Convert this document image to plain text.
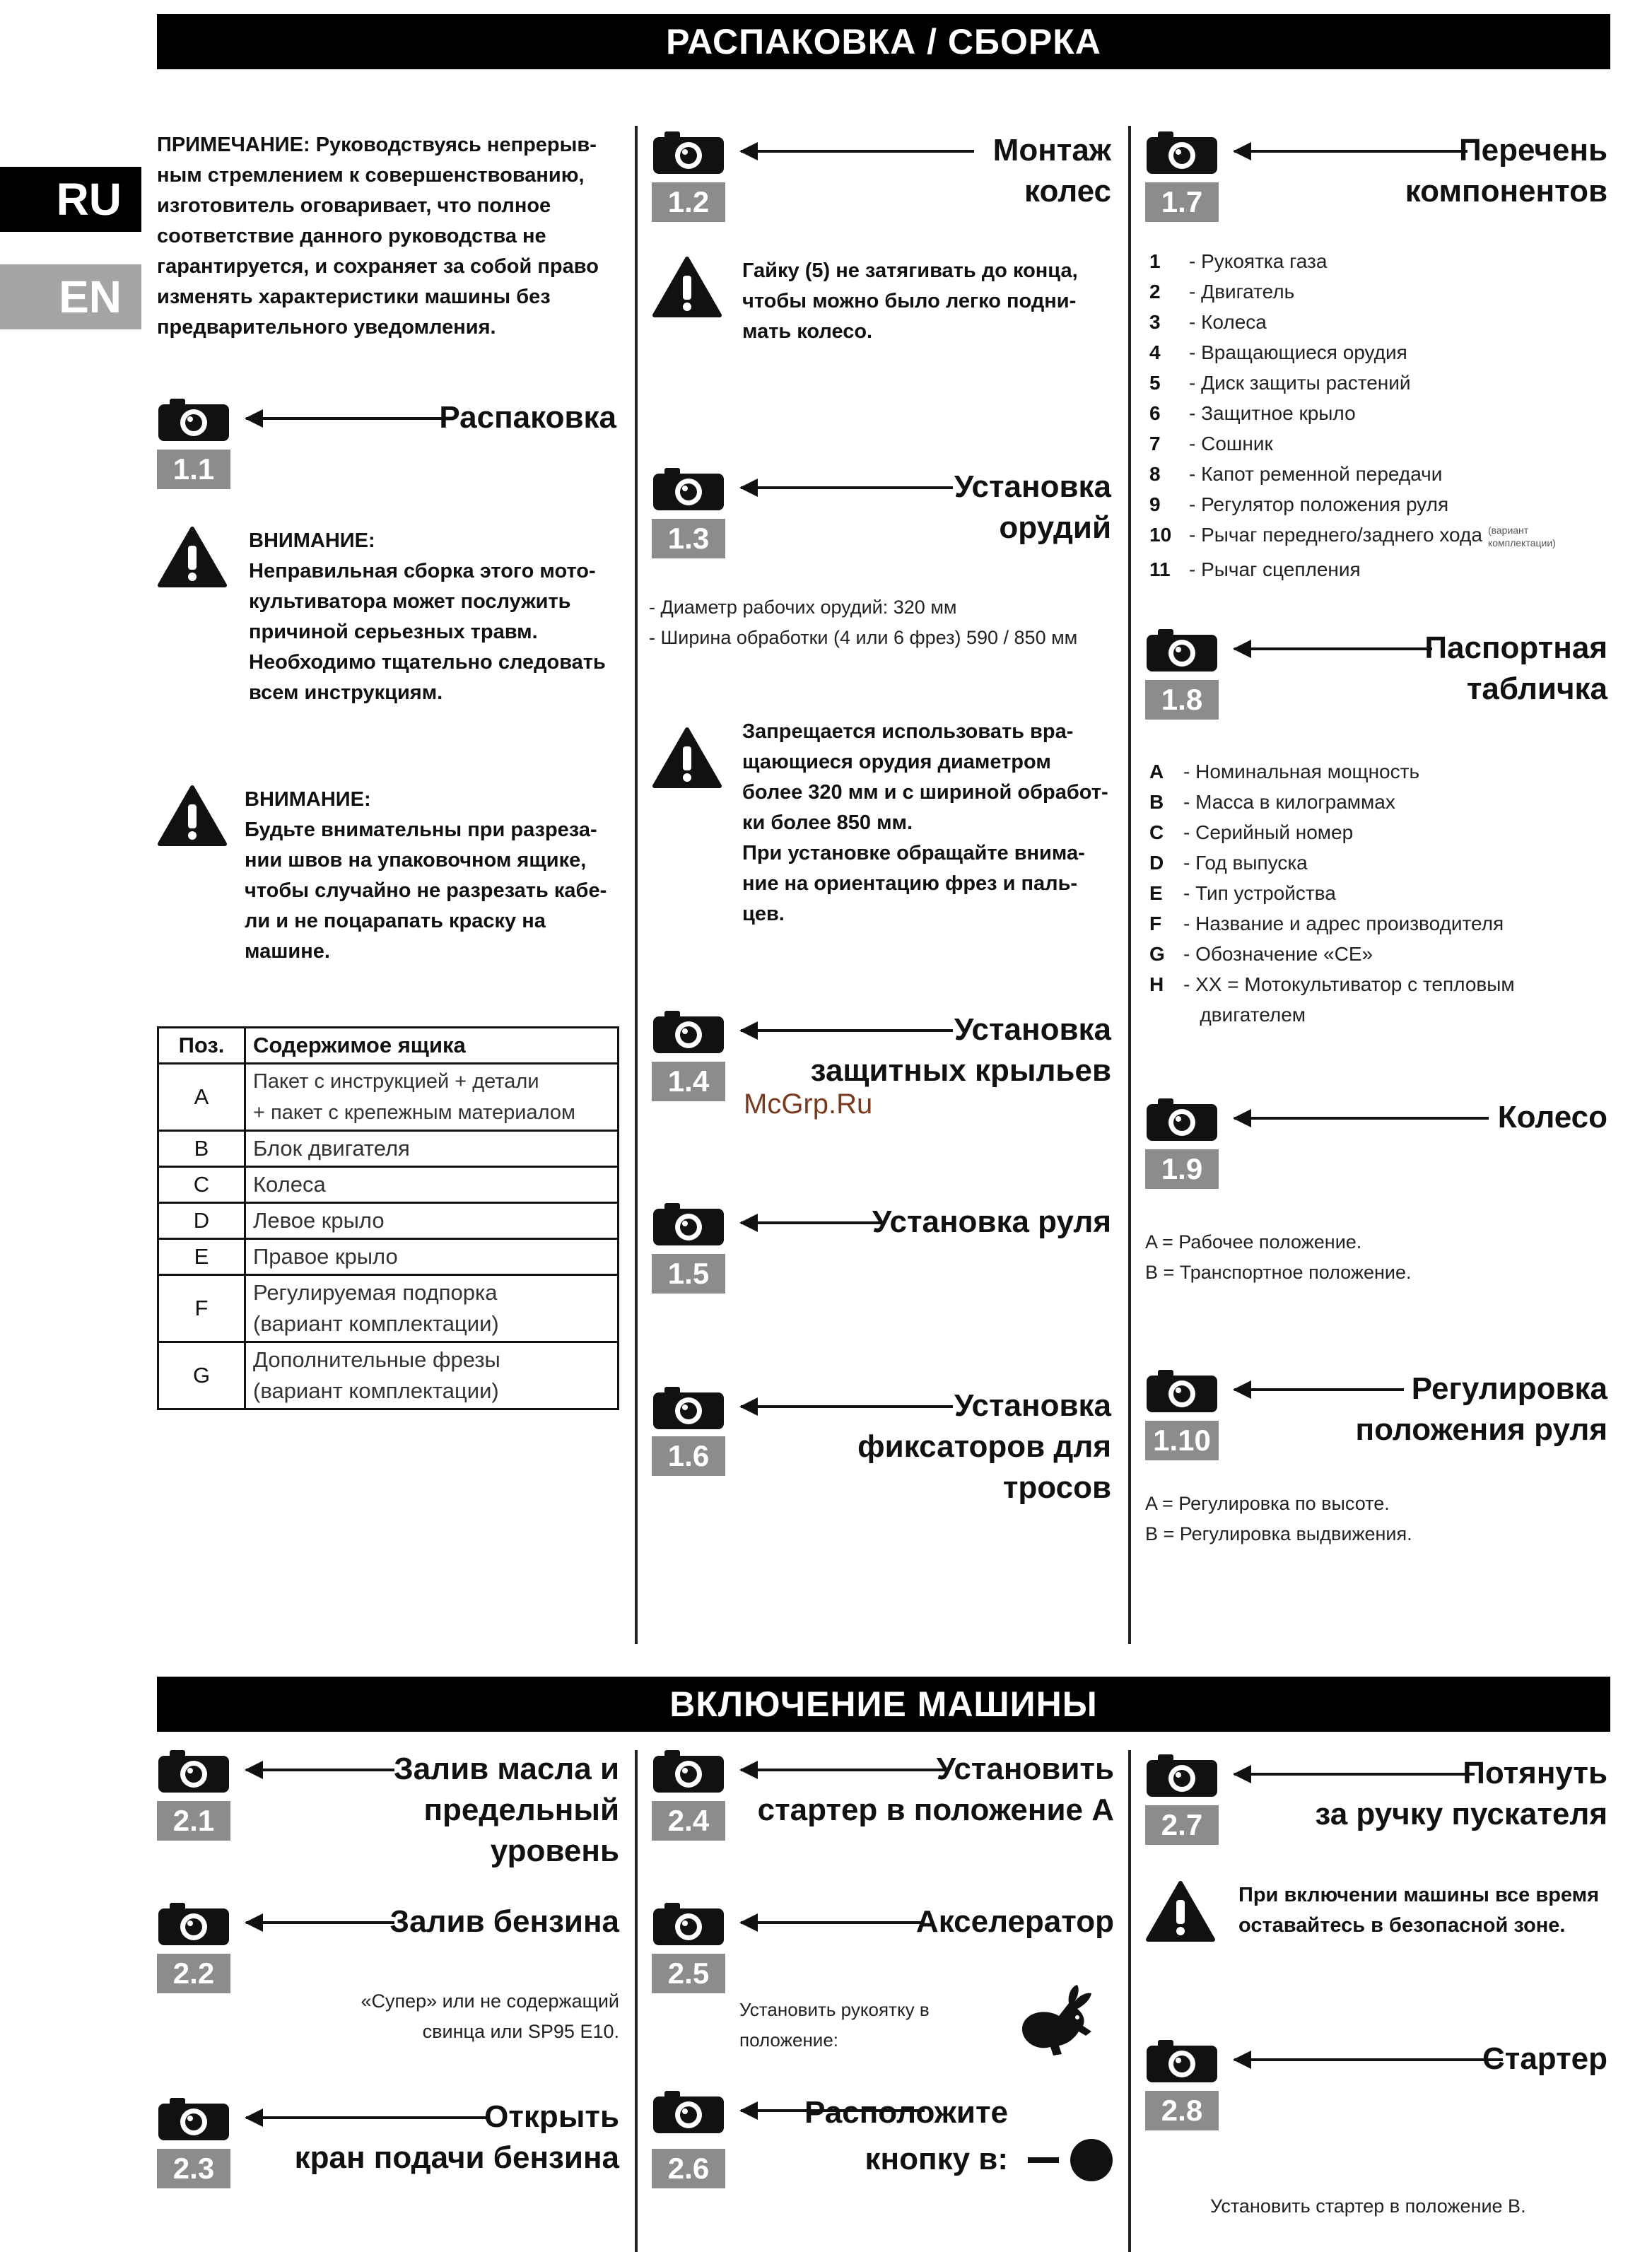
РАСПАКОВКА / СБОРКА
ВКЛЮЧЕНИЕ МАШИНЫ
RU
EN
McGrp.Ru
ПРИМЕЧАНИЕ: Руководствуясь непрерыв-
ным стремлением к совершенствованию,
изготовитель оговаривает, что полное
соответствие данного руководства не
гарантируется, и сохраняет за собой право
изменять характеристики машины без
предварительного уведомления.
1.1
Распаковка
ВНИМАНИЕ:
Неправильная сборка этого мото-
культиватора может послужить
причиной серьезных травм.
Необходимо тщательно следовать
всем инструкциям.
ВНИМАНИЕ:
Будьте внимательны при разреза-
нии швов на упаковочном ящике,
чтобы случайно не разрезать кабе-
ли и не поцарапать краску на
машине.
Поз.	Содержимое ящика
A	Пакет с инструкцией + детали
+ пакет с крепежным материалом
B	Блок двигателя
C	Колеса
D	Левое крыло
E	Правое крыло
F	Регулируемая подпорка
(вариант комплектации)
G	Дополнительные фрезы
(вариант комплектации)
1.2
Монтаж
колес
Гайку (5) не затягивать до конца,
чтобы можно было легко подни-
мать колесо.
1.3
Установка
орудий
- Диаметр рабочих орудий: 320 мм
- Ширина обработки (4 или 6 фрез) 590 / 850 мм
Запрещается использовать вра-
щающиеся орудия диаметром
более 320 мм и с шириной обработ-
ки более 850 мм.
При установке обращайте внима-
ние на ориентацию фрез и паль-
цев.
1.4
Установка
защитных крыльев
1.5
Установка руля
1.6
Установка
фиксаторов для
тросов
1.7
Перечень
компонентов
1	- Рукоятка газа
2	- Двигатель
3	- Колеса
4	- Вращающиеся орудия
5	- Диск защиты растений
6	- Защитное крыло
7	- Сошник
8	- Капот ременной передачи
9	- Регулятор положения руля
10 - Рычаг переднего/заднего хода (вариант комплектации)
11 - Рычаг сцепления
1.8
Паспортная
табличка
A - Номинальная мощность
B - Масса в килограммах
C - Серийный номер
D - Год выпуска
E	- Тип устройства
F	- Название и адрес производителя
G - Обозначение «CE»
H - XX = Мотокультиватор с тепловым
двигателем
1.9
Колесо
A = Рабочее положение.
B = Транспортное положение.
1.10
Регулировка
положения руля
A = Регулировка по высоте.
B = Регулировка выдвижения.
2.1
Залив масла и
предельный
уровень
2.2
Залив бензина
«Супер» или не содержащий
свинца или SP95 E10.
2.3
Открыть
кран подачи бензина
2.4
Установить
стартер в положение А
2.5
Акселератор
Установить рукоятку в
положение:
2.6
Расположите
кнопку в:
2.7
Потянуть
за ручку пускателя
При включении машины все время
оставайтесь в безопасной зоне.
2.8
Стартер
Установить стартер в положение B.
